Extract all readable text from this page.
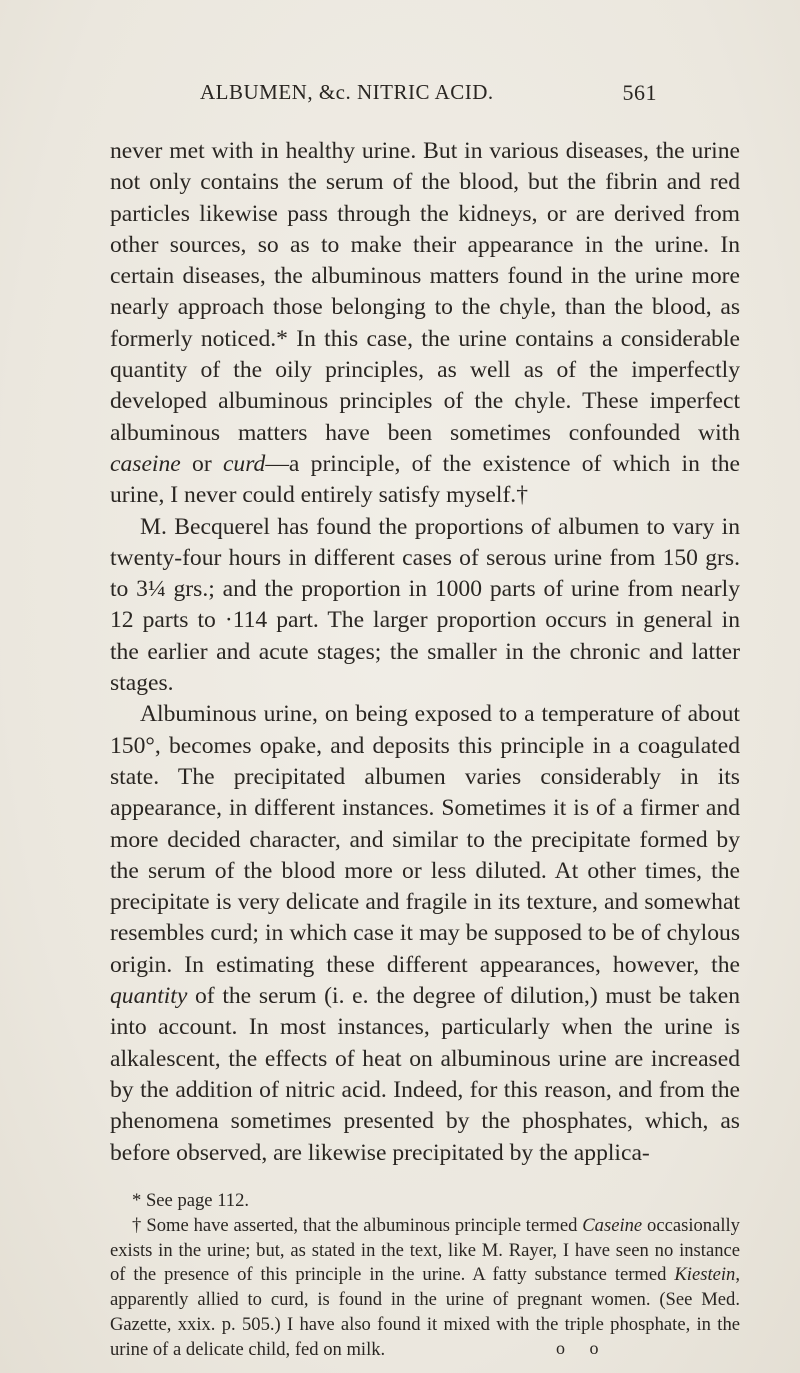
ALBUMEN, &c. NITRIC ACID.	561

never met with in healthy urine. But in various diseases, the urine not only contains the serum of the blood, but the fibrin and red particles likewise pass through the kidneys, or are derived from other sources, so as to make their appearance in the urine. In certain diseases, the albuminous matters found in the urine more nearly approach those belonging to the chyle, than the blood, as formerly noticed.* In this case, the urine contains a considerable quantity of the oily principles, as well as of the imperfectly developed albuminous principles of the chyle. These imperfect albuminous matters have been sometimes confounded with caseine or curd—a principle, of the existence of which in the urine, I never could entirely satisfy myself.†

M. Becquerel has found the proportions of albumen to vary in twenty-four hours in different cases of serous urine from 150 grs. to 3¼ grs.; and the proportion in 1000 parts of urine from nearly 12 parts to ·114 part. The larger proportion occurs in general in the earlier and acute stages; the smaller in the chronic and latter stages.

Albuminous urine, on being exposed to a temperature of about 150°, becomes opake, and deposits this principle in a coagulated state. The precipitated albumen varies considerably in its appearance, in different instances. Sometimes it is of a firmer and more decided character, and similar to the precipitate formed by the serum of the blood more or less diluted. At other times, the precipitate is very delicate and fragile in its texture, and somewhat resembles curd; in which case it may be supposed to be of chylous origin. In estimating these different appearances, however, the quantity of the serum (i. e. the degree of dilution,) must be taken into account. In most instances, particularly when the urine is alkalescent, the effects of heat on albuminous urine are increased by the addition of nitric acid. Indeed, for this reason, and from the phenomena sometimes presented by the phosphates, which, as before observed, are likewise precipitated by the applica-

* See page 112.

† Some have asserted, that the albuminous principle termed Caseine occasionally exists in the urine; but, as stated in the text, like M. Rayer, I have seen no instance of the presence of this principle in the urine. A fatty substance termed Kiestein, apparently allied to curd, is found in the urine of pregnant women. (See Med. Gazette, xxix. p. 505.) I have also found it mixed with the triple phosphate, in the urine of a delicate child, fed on milk.	o o
